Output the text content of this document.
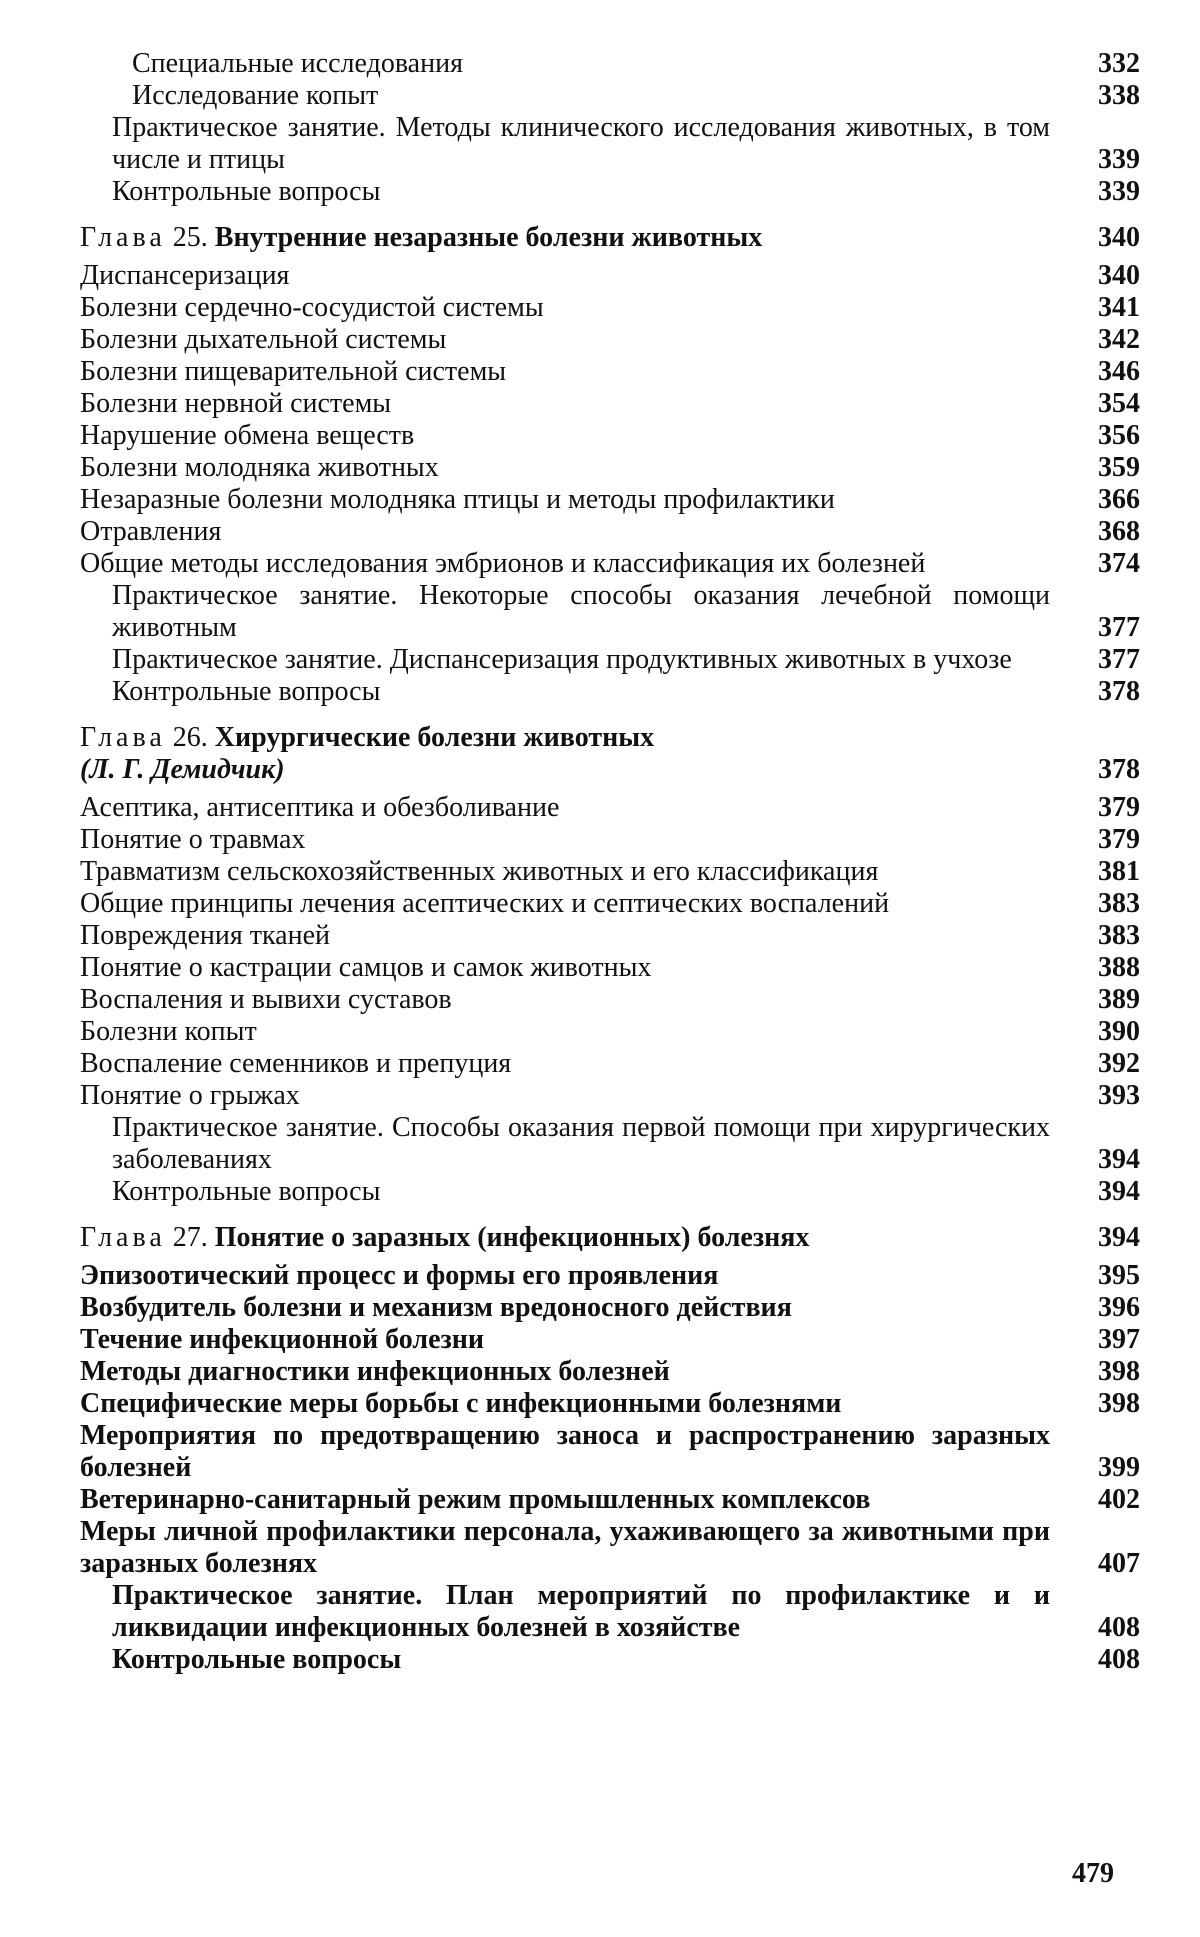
Специальные исследования	332
Исследование копыт	338
Практическое занятие. Методы клинического исследования животных, в том числе и птицы	339
Контрольные вопросы	339
Глава 25. Внутренние незаразные болезни животных	340
Диспансеризация	340
Болезни сердечно-сосудистой системы	341
Болезни дыхательной системы	342
Болезни пищеварительной системы	346
Болезни нервной системы	354
Нарушение обмена веществ	356
Болезни молодняка животных	359
Незаразные болезни молодняка птицы и методы профилактики	366
Отравления	368
Общие методы исследования эмбрионов и классификация их болезней	374
Практическое занятие. Некоторые способы оказания лечебной помощи животным	377
Практическое занятие. Диспансеризация продуктивных животных в учхозе	377
Контрольные вопросы	378
Глава 26. Хирургические болезни животных
(Л. Г. Демидчик)	378
Асептика, антисептика и обезболивание	379
Понятие о травмах	379
Травматизм сельскохозяйственных животных и его классификация	381
Общие принципы лечения асептических и септических воспалений	383
Повреждения тканей	383
Понятие о кастрации самцов и самок животных	388
Воспаления и вывихи суставов	389
Болезни копыт	390
Воспаление семенников и препуция	392
Понятие о грыжах	393
Практическое занятие. Способы оказания первой помощи при хирургических заболеваниях	394
Контрольные вопросы	394
Глава 27. Понятие о заразных (инфекционных) болезнях	394
Эпизоотический процесс и формы его проявления	395
Возбудитель болезни и механизм вредоносного действия	396
Течение инфекционной болезни	397
Методы диагностики инфекционных болезней	398
Специфические меры борьбы с инфекционными болезнями	398
Мероприятия по предотвращению заноса и распространению заразных болезней	399
Ветеринарно-санитарный режим промышленных комплексов	402
Меры личной профилактики персонала, ухаживающего за животными при заразных болезнях	407
Практическое занятие. План мероприятий по профилактике и и ликвидации инфекционных болезней в хозяйстве	408
Контрольные вопросы	408
479
